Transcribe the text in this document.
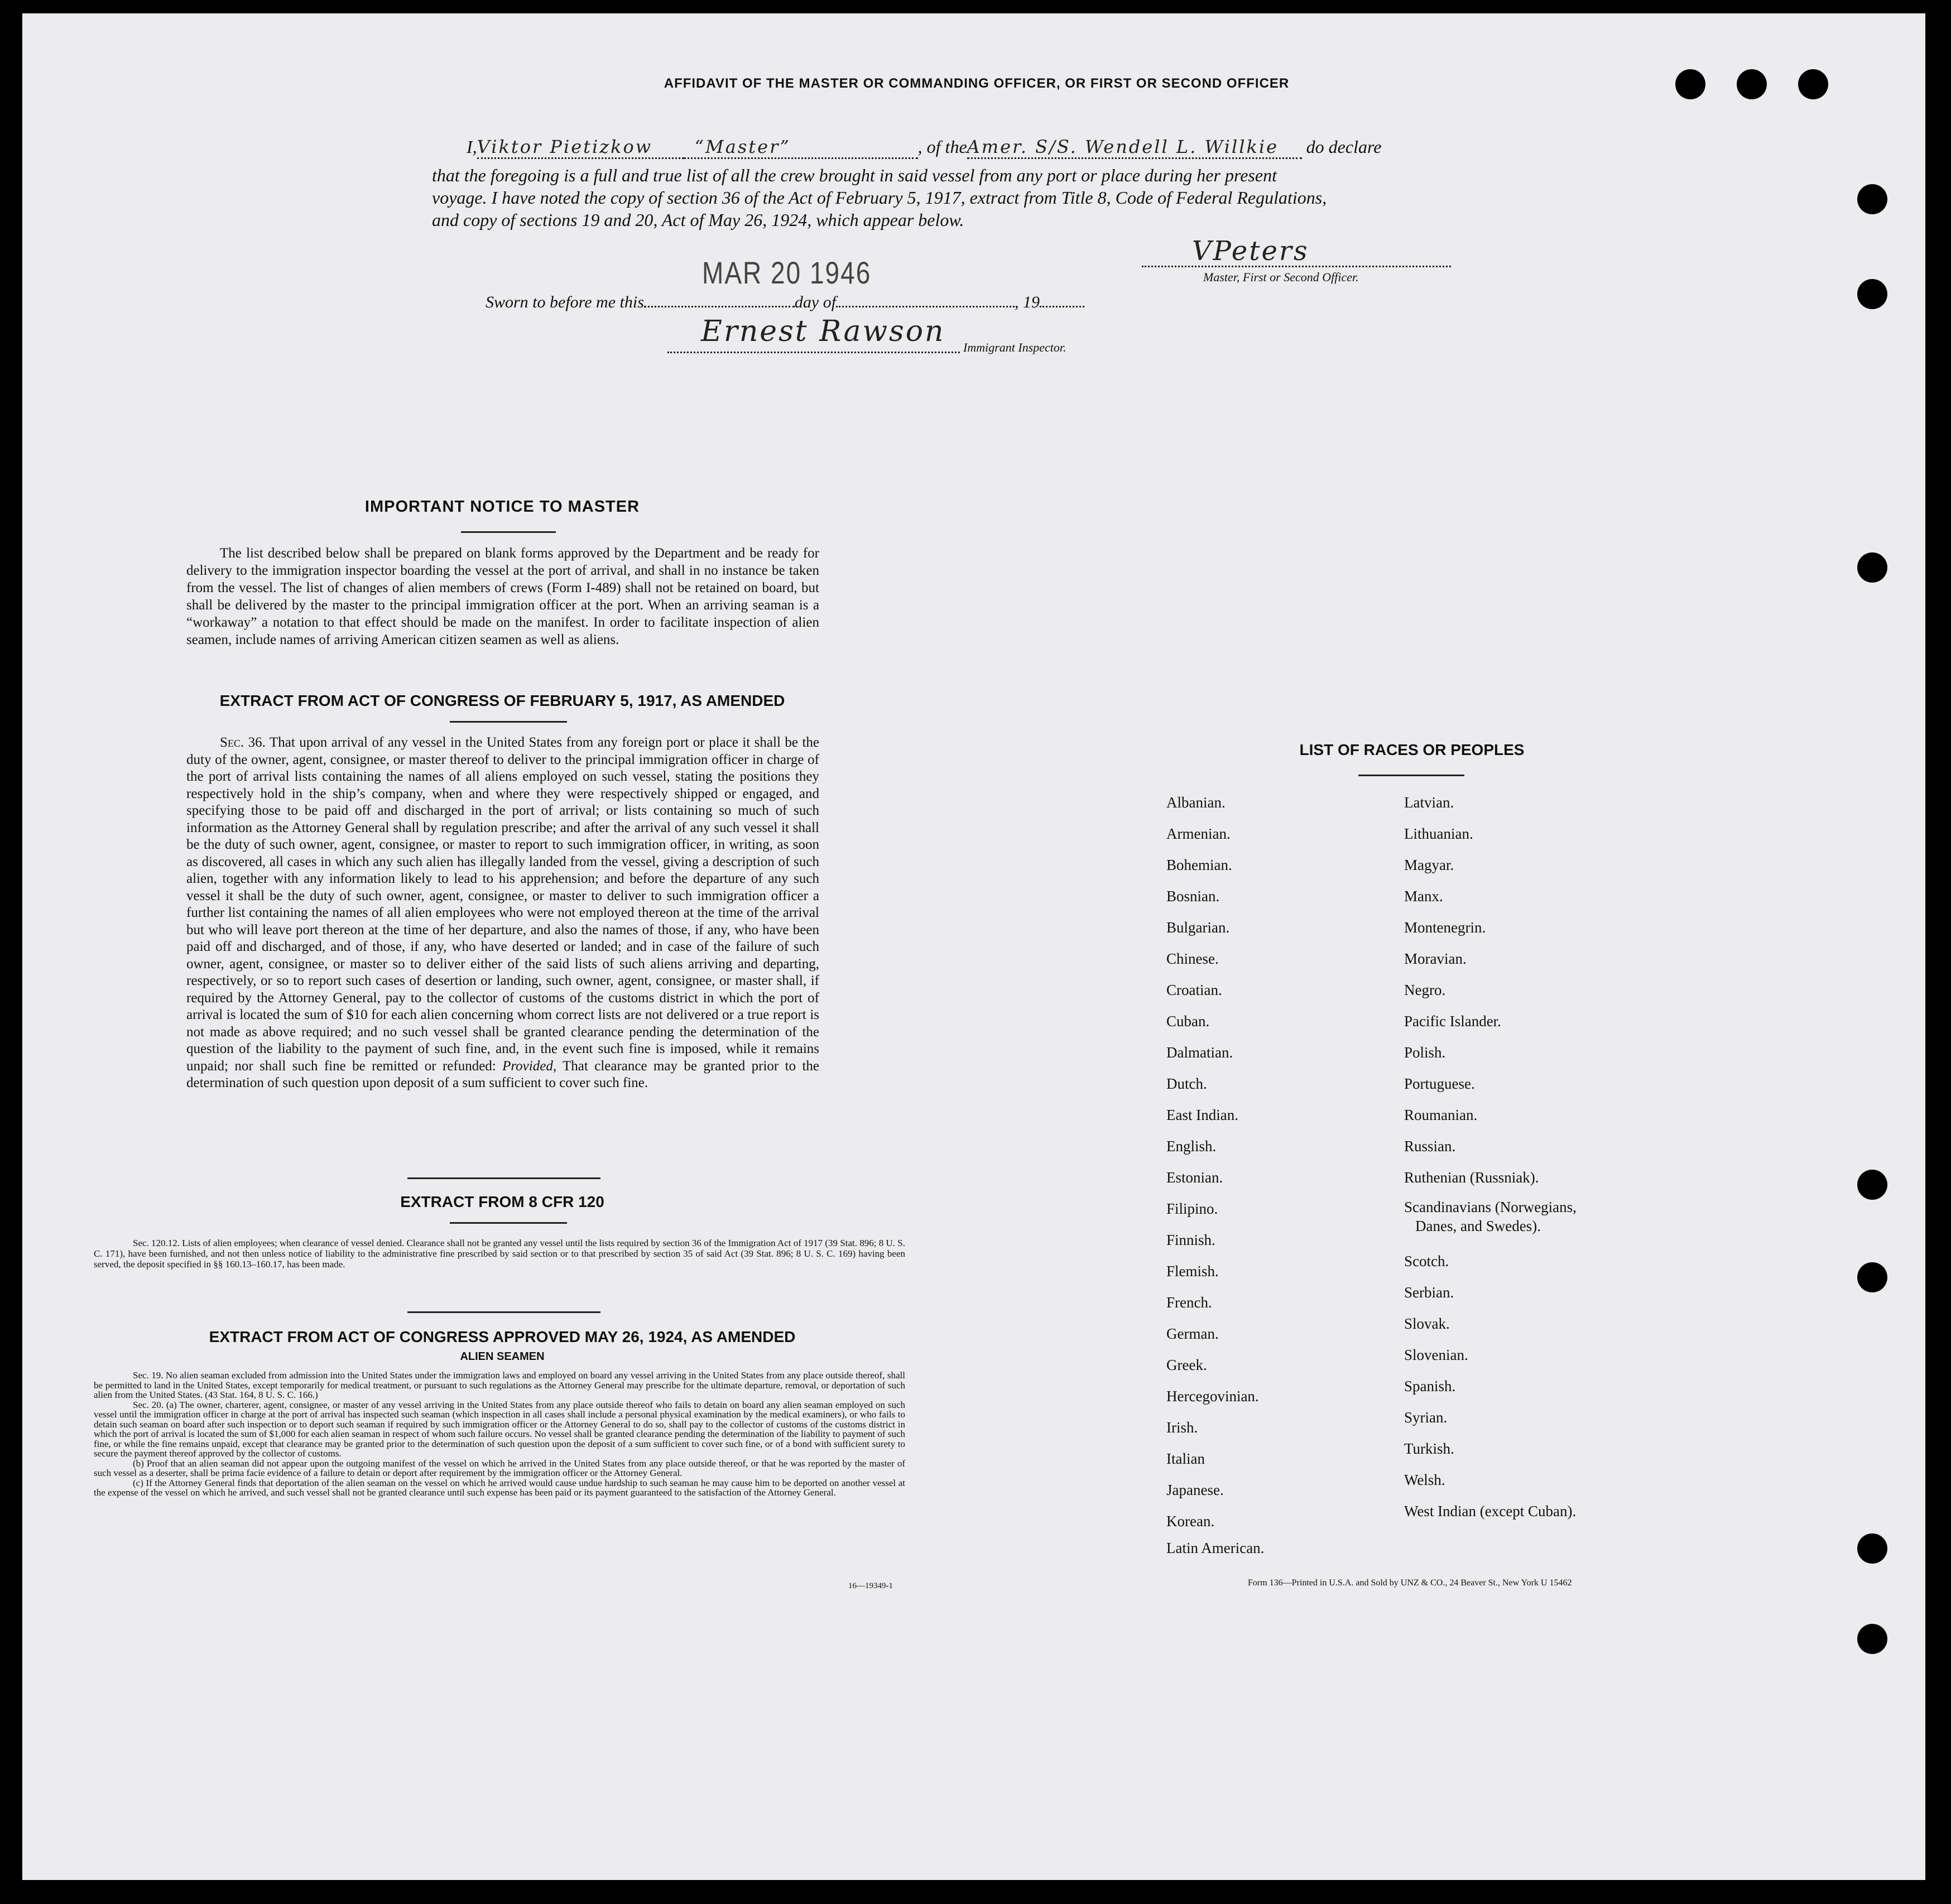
AFFIDAVIT OF THE MASTER OR COMMANDING OFFICER, OR FIRST OR SECOND OFFICER
I,Viktor Pietizkow “Master”	, of theAmer. S/S. Wendell L. Willkie do declare
that the foregoing is a full and true list of all the crew brought in said vessel from any port or place during her present
voyage. I have noted the copy of section 36 of the Act of February 5, 1917, extract from Title 8, Code of Federal Regulations,
and copy of sections 19 and 20, Act of May 26, 1924, which appear below.
MAR 20 1946
VPeters
Master, First or Second Officer.
Sworn to before me this	day of	, 19
Ernest Rawson Immigrant Inspector.
IMPORTANT NOTICE TO MASTER
The list described below shall be prepared on blank forms approved by the Department and be ready for delivery to the immigration inspector boarding the vessel at the port of arrival, and shall in no instance be taken from the vessel. The list of changes of alien members of crews (Form I-489) shall not be retained on board, but shall be delivered by the master to the principal immigration officer at the port. When an arriving seaman is a “workaway” a notation to that effect should be made on the manifest. In order to facilitate inspection of alien seamen, include names of arriving American citizen seamen as well as aliens.
EXTRACT FROM ACT OF CONGRESS OF FEBRUARY 5, 1917, AS AMENDED
Sec. 36. That upon arrival of any vessel in the United States from any foreign port or place it shall be the duty of the owner, agent, consignee, or master thereof to deliver to the principal immigration officer in charge of the port of arrival lists containing the names of all aliens employed on such vessel, stating the positions they respectively hold in the ship’s company, when and where they were respectively shipped or engaged, and specifying those to be paid off and discharged in the port of arrival; or lists containing so much of such information as the Attorney General shall by regulation prescribe; and after the arrival of any such vessel it shall be the duty of such owner, agent, consignee, or master to report to such immigration officer, in writing, as soon as discovered, all cases in which any such alien has illegally landed from the vessel, giving a description of such alien, together with any information likely to lead to his apprehension; and before the departure of any such vessel it shall be the duty of such owner, agent, consignee, or master to deliver to such immigration officer a further list containing the names of all alien employees who were not employed thereon at the time of the arrival but who will leave port thereon at the time of her departure, and also the names of those, if any, who have been paid off and discharged, and of those, if any, who have deserted or landed; and in case of the failure of such owner, agent, consignee, or master so to deliver either of the said lists of such aliens arriving and departing, respectively, or so to report such cases of desertion or landing, such owner, agent, consignee, or master shall, if required by the Attorney General, pay to the collector of customs of the customs district in which the port of arrival is located the sum of $10 for each alien concerning whom correct lists are not delivered or a true report is not made as above required; and no such vessel shall be granted clearance pending the determination of the question of the liability to the payment of such fine, and, in the event such fine is imposed, while it remains unpaid; nor shall such fine be remitted or refunded: Provided, That clearance may be granted prior to the determination of such question upon deposit of a sum sufficient to cover such fine.
EXTRACT FROM 8 CFR 120
Sec. 120.12. Lists of alien employees; when clearance of vessel denied. Clearance shall not be granted any vessel until the lists required by section 36 of the Immigration Act of 1917 (39 Stat. 896; 8 U. S. C. 171), have been furnished, and not then unless notice of liability to the administrative fine prescribed by said section or to that prescribed by section 35 of said Act (39 Stat. 896; 8 U. S. C. 169) having been served, the deposit specified in §§ 160.13–160.17, has been made.
EXTRACT FROM ACT OF CONGRESS APPROVED MAY 26, 1924, AS AMENDED
ALIEN SEAMEN
Sec. 19. No alien seaman excluded from admission into the United States under the immigration laws and employed on board any vessel arriving in the United States from any place outside thereof, shall be permitted to land in the United States, except temporarily for medical treatment, or pursuant to such regulations as the Attorney General may prescribe for the ultimate departure, removal, or deportation of such alien from the United States. (43 Stat. 164, 8 U. S. C. 166.)
Sec. 20. (a) The owner, charterer, agent, consignee, or master of any vessel arriving in the United States from any place outside thereof who fails to detain on board any alien seaman employed on such vessel until the immigration officer in charge at the port of arrival has inspected such seaman (which inspection in all cases shall include a personal physical examination by the medical examiners), or who fails to detain such seaman on board after such inspection or to deport such seaman if required by such immigration officer or the Attorney General to do so, shall pay to the collector of customs of the customs district in which the port of arrival is located the sum of $1,000 for each alien seaman in respect of whom such failure occurs. No vessel shall be granted clearance pending the determination of the liability to payment of such fine, or while the fine remains unpaid, except that clearance may be granted prior to the determination of such question upon the deposit of a sum sufficient to cover such fine, or of a bond with sufficient surety to secure the payment thereof approved by the collector of customs.
(b) Proof that an alien seaman did not appear upon the outgoing manifest of the vessel on which he arrived in the United States from any place outside thereof, or that he was reported by the master of such vessel as a deserter, shall be prima facie evidence of a failure to detain or deport after requirement by the immigration officer or the Attorney General.
(c) If the Attorney General finds that deportation of the alien seaman on the vessel on which he arrived would cause undue hardship to such seaman he may cause him to be deported on another vessel at the expense of the vessel on which he arrived, and such vessel shall not be granted clearance until such expense has been paid or its payment guaranteed to the satisfaction of the Attorney General.
16—19349-1
LIST OF RACES OR PEOPLES
Albanian.
Armenian.
Bohemian.
Bosnian.
Bulgarian.
Chinese.
Croatian.
Cuban.
Dalmatian.
Dutch.
East Indian.
English.
Estonian.
Filipino.
Finnish.
Flemish.
French.
German.
Greek.
Hercegovinian.
Irish.
Italian
Japanese.
Korean.
Latin American.
Latvian.
Lithuanian.
Magyar.
Manx.
Montenegrin.
Moravian.
Negro.
Pacific Islander.
Polish.
Portuguese.
Roumanian.
Russian.
Ruthenian (Russniak).
Scandinavians (Norwegians,
Danes, and Swedes).
Scotch.
Serbian.
Slovak.
Slovenian.
Spanish.
Syrian.
Turkish.
Welsh.
West Indian (except Cuban).
Form 136—Printed in U.S.A. and Sold by UNZ & CO., 24 Beaver St., New York U 15462
